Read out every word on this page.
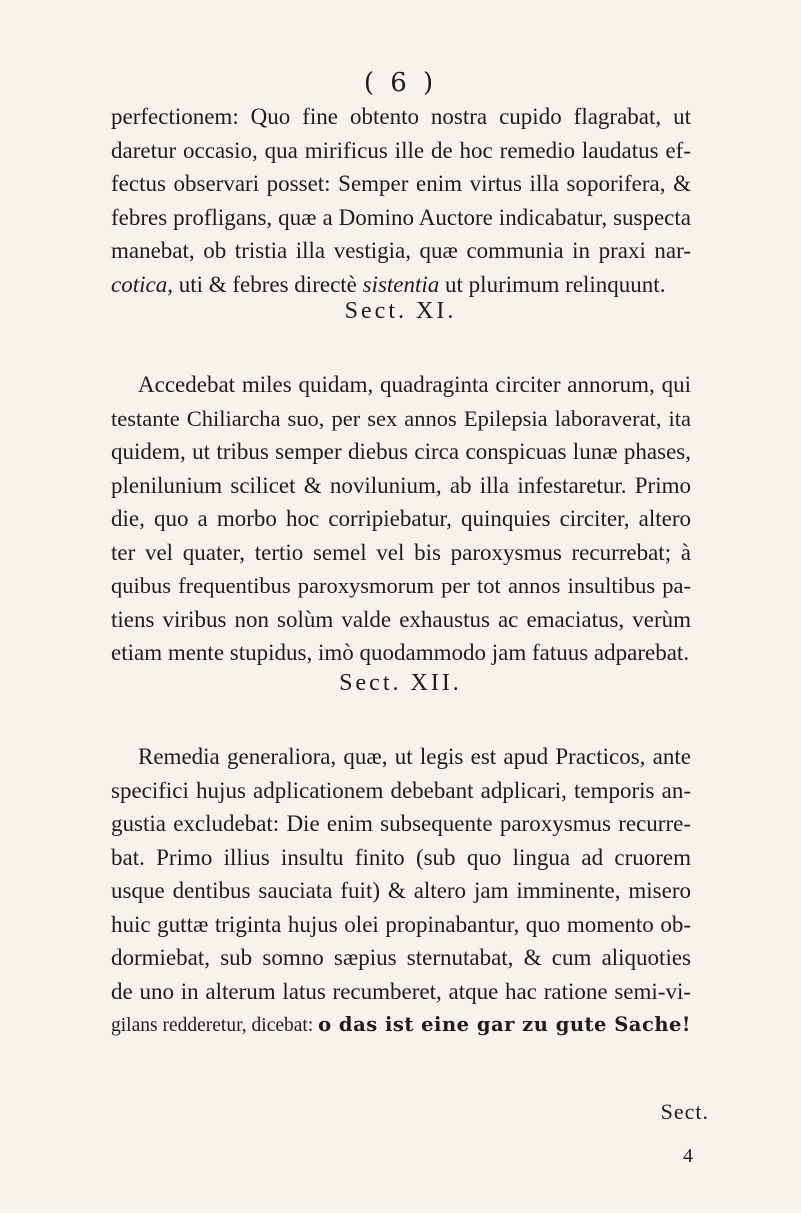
( 6 )
perfectionem: Quo fine obtento nostra cupido flagrabat, ut
daretur occasio, qua mirificus ille de hoc remedio laudatus ef-
fectus observari posset: Semper enim virtus illa soporifera, &
febres profligans, quæ a Domino Auctore indicabatur, suspecta
manebat, ob tristia illa vestigia, quæ communia in praxi nar-
cotica, uti & febres directè sistentia ut plurimum relinquunt.
Sect. XI.
Accedebat miles quidam, quadraginta circiter annorum, qui
testante Chiliarcha suo, per sex annos Epilepsia laboraverat, ita
quidem, ut tribus semper diebus circa conspicuas lunæ phases,
plenilunium scilicet & novilunium, ab illa infestaretur. Primo
die, quo a morbo hoc corripiebatur, quinquies circiter, altero
ter vel quater, tertio semel vel bis paroxysmus recurrebat; à
quibus frequentibus paroxysmorum per tot annos insultibus pa-
tiens viribus non solùm valde exhaustus ac emaciatus, verùm
etiam mente stupidus, imò quodammodo jam fatuus adparebat.
Sect. XII.
Remedia generaliora, quæ, ut legis est apud Practicos, ante
specifici hujus adplicationem debebant adplicari, temporis an-
gustia excludebat: Die enim subsequente paroxysmus recurre-
bat. Primo illius insultu finito (sub quo lingua ad cruorem
usque dentibus sauciata fuit) & altero jam imminente, misero
huic guttæ triginta hujus olei propinabantur, quo momento ob-
dormiebat, sub somno sæpius sternutabat, & cum aliquoties
de uno in alterum latus recumberet, atque hac ratione semi-vi-
gilans redderetur, dicebat: o das ist eine gar zu gute Sache!
Sect.
4
